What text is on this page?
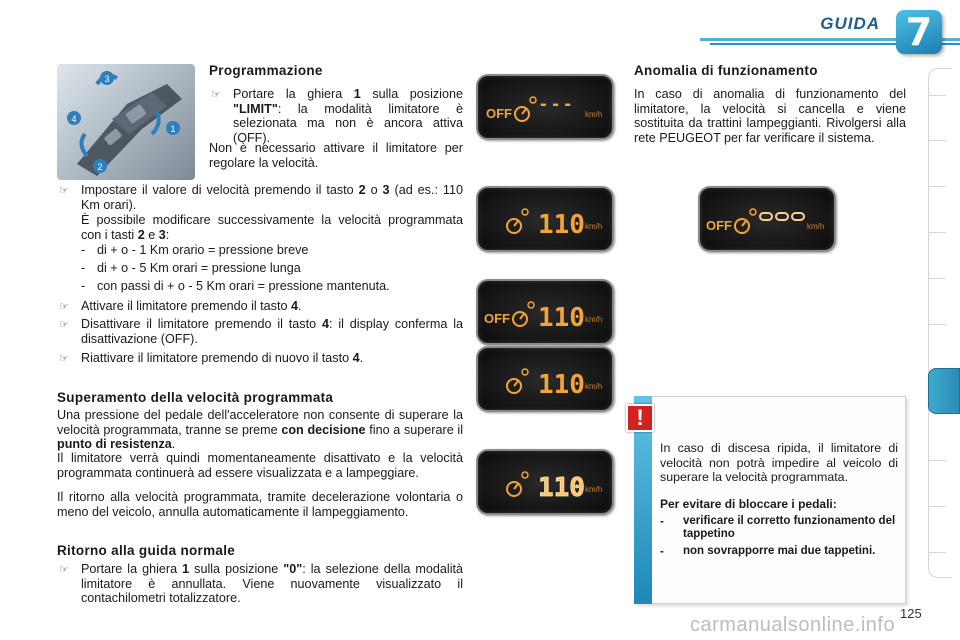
GUIDA 7
3
4
1
2
Programmazione
☞ Portare la ghiera 1 sulla posizione "LIMIT": la modalità limitatore è selezionata ma non è ancora attiva (OFF).
Non è necessario attivare il limitatore per regolare la velocità.
☞ Impostare il valore di velocità premendo il tasto 2 o 3 (ad es.: 110 Km orari).
È possibile modificare successivamente la velocità programmata con i tasti 2 e 3:
- di + o - 1 Km orario = pressione breve
- di + o - 5 Km orari = pressione lunga
- con passi di + o - 5 Km orari = pressione mantenuta.
☞ Attivare il limitatore premendo il tasto 4.
☞ Disattivare il limitatore premendo il tasto 4: il display conferma la disattivazione (OFF).
☞ Riattivare il limitatore premendo di nuovo il tasto 4.
Superamento della velocità programmata
Una pressione del pedale dell'acceleratore non consente di superare la velocità programmata, tranne se preme con decisione fino a superare il punto di resistenza.
Il limitatore verrà quindi momentaneamente disattivato e la velocità programmata continuerà ad essere visualizzata e a lampeggiare.
Il ritorno alla velocità programmata, tramite decelerazione volontaria o meno del veicolo, annulla automaticamente il lampeggiamento.
Ritorno alla guida normale
☞ Portare la ghiera 1 sulla posizione "0": la selezione della modalità limitatore è annullata. Viene nuovamente visualizzato il contachilometri totalizzatore.
OFF - - - km/h
110 km/h
OFF 110 km/h
110 km/h
110 km/h
OFF	km/h
Anomalia di funzionamento
In caso di anomalia di funzionamento del limitatore, la velocità si cancella e viene sostituita da trattini lampeggianti. Rivolgersi alla rete PEUGEOT per far verificare il sistema.
!
In caso di discesa ripida, il limitatore di velocità non potrà impedire al veicolo di superare la velocità programmata.
Per evitare di bloccare i pedali:
- verificare il corretto funzionamento del tappetino
- non sovrapporre mai due tappetini.
125
carmanualsonline.info
